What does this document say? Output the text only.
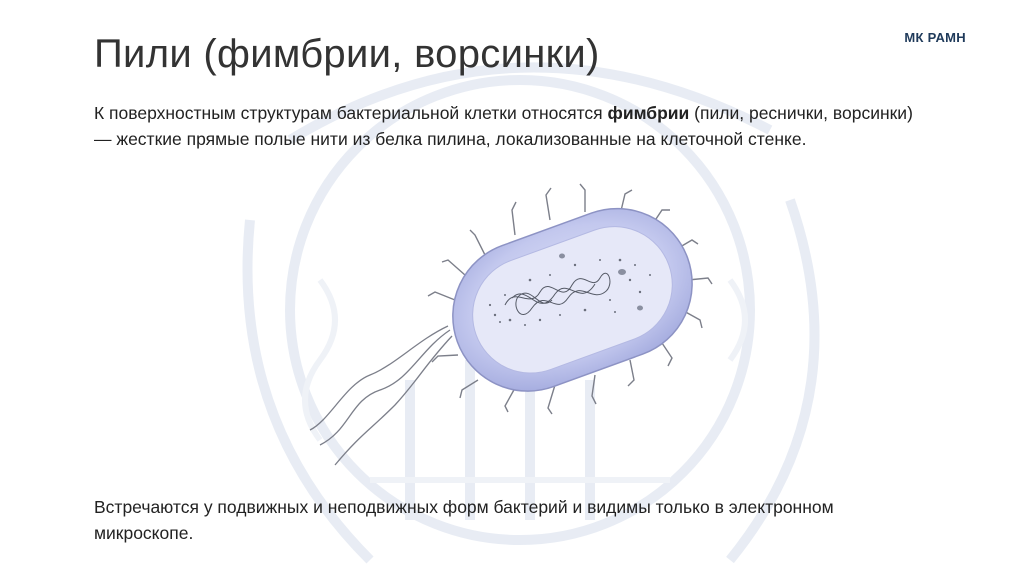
Пили (фимбрии, ворсинки)	МК РАМН
К поверхностным структурам бактериальной клетки относятся фимбрии (пили, реснички, ворсинки) — жесткие прямые полые нити из белка пилина, локализованные на клеточной стенке.
Встречаются у подвижных и неподвижных форм бактерий и видимы только в электронном микроскопе.
